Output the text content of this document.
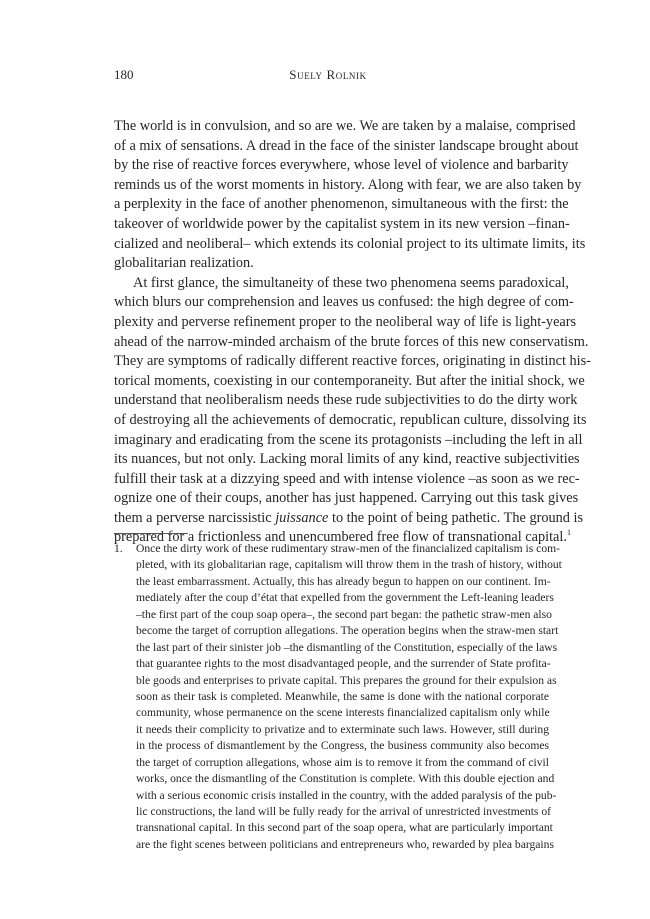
180	Suely Rolnik
The world is in convulsion, and so are we. We are taken by a malaise, comprised
of a mix of sensations. A dread in the face of the sinister landscape brought about
by the rise of reactive forces everywhere, whose level of violence and barbarity
reminds us of the worst moments in history. Along with fear, we are also taken by
a perplexity in the face of another phenomenon, simultaneous with the first: the
takeover of worldwide power by the capitalist system in its new version –finan-
cialized and neoliberal– which extends its colonial project to its ultimate limits, its
globalitarian realization.
At first glance, the simultaneity of these two phenomena seems paradoxical,
which blurs our comprehension and leaves us confused: the high degree of com-
plexity and perverse refinement proper to the neoliberal way of life is light-years
ahead of the narrow-minded archaism of the brute forces of this new conservatism.
They are symptoms of radically different reactive forces, originating in distinct his-
torical moments, coexisting in our contemporaneity. But after the initial shock, we
understand that neoliberalism needs these rude subjectivities to do the dirty work
of destroying all the achievements of democratic, republican culture, dissolving its
imaginary and eradicating from the scene its protagonists –including the left in all
its nuances, but not only. Lacking moral limits of any kind, reactive subjectivities
fulfill their task at a dizzying speed and with intense violence –as soon as we rec-
ognize one of their coups, another has just happened. Carrying out this task gives
them a perverse narcissistic juissance to the point of being pathetic. The ground is
prepared for a frictionless and unencumbered free flow of transnational capital.$^1$
1. Once the dirty work of these rudimentary straw-men of the financialized capitalism is com-
pleted, with its globalitarian rage, capitalism will throw them in the trash of history, without
the least embarrassment. Actually, this has already begun to happen on our continent. Im-
mediately after the coup d’état that expelled from the government the Left-leaning leaders
–the first part of the coup soap opera–, the second part began: the pathetic straw-men also
become the target of corruption allegations. The operation begins when the straw-men start
the last part of their sinister job –the dismantling of the Constitution, especially of the laws
that guarantee rights to the most disadvantaged people, and the surrender of State profita-
ble goods and enterprises to private capital. This prepares the ground for their expulsion as
soon as their task is completed. Meanwhile, the same is done with the national corporate
community, whose permanence on the scene interests financialized capitalism only while
it needs their complicity to privatize and to exterminate such laws. However, still during
in the process of dismantlement by the Congress, the business community also becomes
the target of corruption allegations, whose aim is to remove it from the command of civil
works, once the dismantling of the Constitution is complete. With this double ejection and
with a serious economic crisis installed in the country, with the added paralysis of the pub-
lic constructions, the land will be fully ready for the arrival of unrestricted investments of
transnational capital. In this second part of the soap opera, what are particularly important
are the fight scenes between politicians and entrepreneurs who, rewarded by plea bargains
